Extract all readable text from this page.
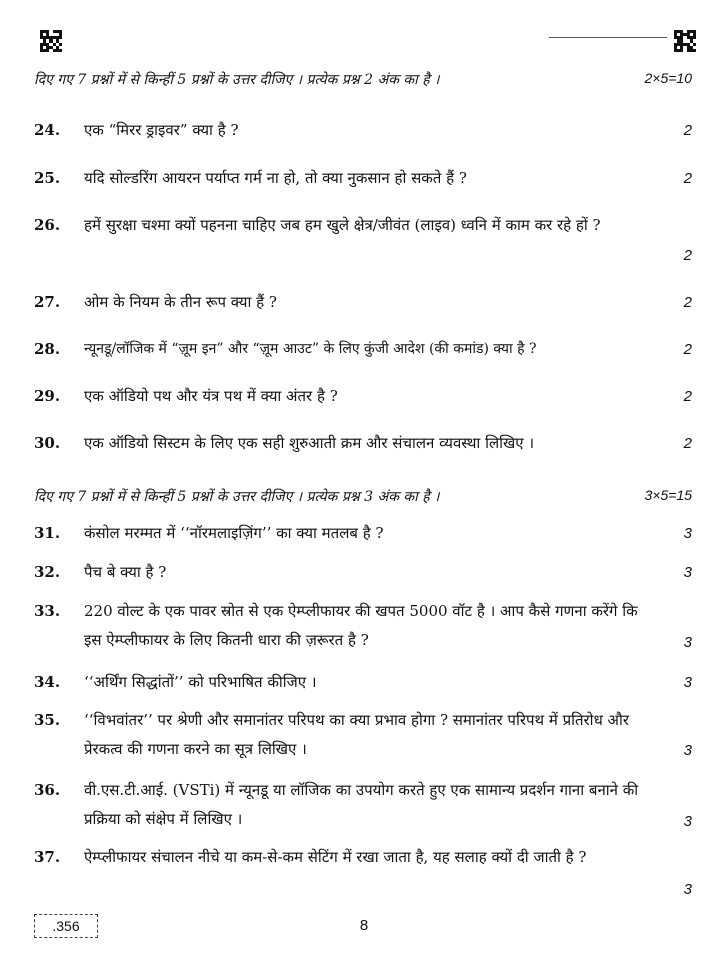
दिए गए 7 प्रश्नों में से किन्हीं 5 प्रश्नों के उत्तर दीजिए । प्रत्येक प्रश्न 2 अंक का है ।	2×5=10
24. एक “मिरर ड्राइवर” क्या है ?	2
25. यदि सोल्डरिंग आयरन पर्याप्त गर्म ना हो, तो क्या नुकसान हो सकते हैं ?	2
26. हमें सुरक्षा चश्मा क्यों पहनना चाहिए जब हम खुले क्षेत्र/जीवंत (लाइव) ध्वनि में काम कर रहे हों ?
2
27. ओम के नियम के तीन रूप क्या हैं ?	2
28. न्यूनडू/लॉजिक में “ज़ूम इन” और “ज़ूम आउट” के लिए कुंजी आदेश (की कमांड) क्या है ?	2
29. एक ऑडियो पथ और यंत्र पथ में क्या अंतर है ?	2
30. एक ऑडियो सिस्टम के लिए एक सही शुरुआती क्रम और संचालन व्यवस्था लिखिए ।	2
दिए गए 7 प्रश्नों में से किन्हीं 5 प्रश्नों के उत्तर दीजिए । प्रत्येक प्रश्न 3 अंक का है ।	3×5=15
31. कंसोल मरम्मत में ‘‘नॉरमलाइज़िंग’’ का क्या मतलब है ?	3
32. पैच बे क्या है ?	3
33. 220 वोल्ट के एक पावर स्रोत से एक ऐम्प्लीफायर की खपत 5000 वॉट है । आप कैसे गणना करेंगे कि इस ऐम्प्लीफायर के लिए कितनी धारा की ज़रूरत है ?	3
34. ‘‘अर्थिंग सिद्धांतों’’ को परिभाषित कीजिए ।	3
35. ‘‘विभवांतर’’ पर श्रेणी और समानांतर परिपथ का क्या प्रभाव होगा ? समानांतर परिपथ में प्रतिरोध और प्रेरकत्व की गणना करने का सूत्र लिखिए ।	3
36. वी.एस.टी.आई. (VSTi) में न्यूनडू या लॉजिक का उपयोग करते हुए एक सामान्य प्रदर्शन गाना बनाने की प्रक्रिया को संक्षेप में लिखिए ।	3
37. ऐम्प्लीफायर संचालन नीचे या कम-से-कम सेटिंग में रखा जाता है, यह सलाह क्यों दी जाती है ?
3
.356	8
